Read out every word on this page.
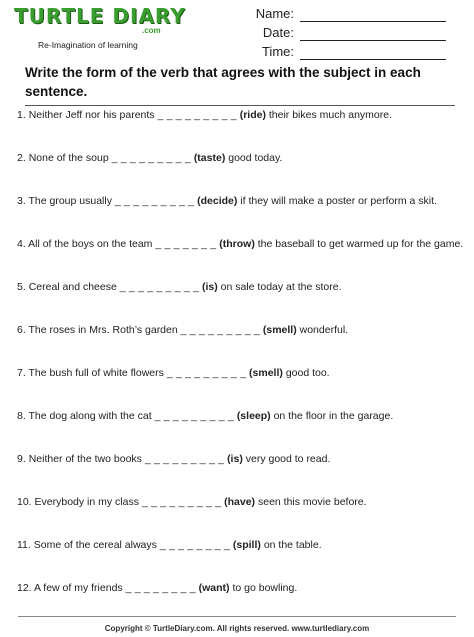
TURTLE DIARY
.com
Re-Imagination of learning
Name:
Date:
Time:
Write the form of the verb that agrees with the subject in each sentence.
1. Neither Jeff nor his parents _ _ _ _ _ _ _ _ _ (ride) their bikes much anymore.
2. None of the soup _ _ _ _ _ _ _ _ _ (taste) good today.
3. The group usually _ _ _ _ _ _ _ _ _ (decide) if they will make a poster or perform a skit.
4. All of the boys on the team _ _ _ _ _ _ _ (throw) the baseball to get warmed up for the game.
5. Cereal and cheese _ _ _ _ _ _ _ _ _ (is) on sale today at the store.
6. The roses in Mrs. Roth’s garden _ _ _ _ _ _ _ _ _ (smell) wonderful.
7. The bush full of white flowers _ _ _ _ _ _ _ _ _ (smell) good too.
8. The dog along with the cat _ _ _ _ _ _ _ _ _ (sleep) on the floor in the garage.
9. Neither of the two books _ _ _ _ _ _ _ _ _ (is) very good to read.
10. Everybody in my class _ _ _ _ _ _ _ _ _ (have) seen this movie before.
11. Some of the cereal always _ _ _ _ _ _ _ _ (spill) on the table.
12. A few of my friends _ _ _ _ _ _ _ _ (want) to go bowling.
Copyright © TurtleDiary.com. All rights reserved. www.turtlediary.com
